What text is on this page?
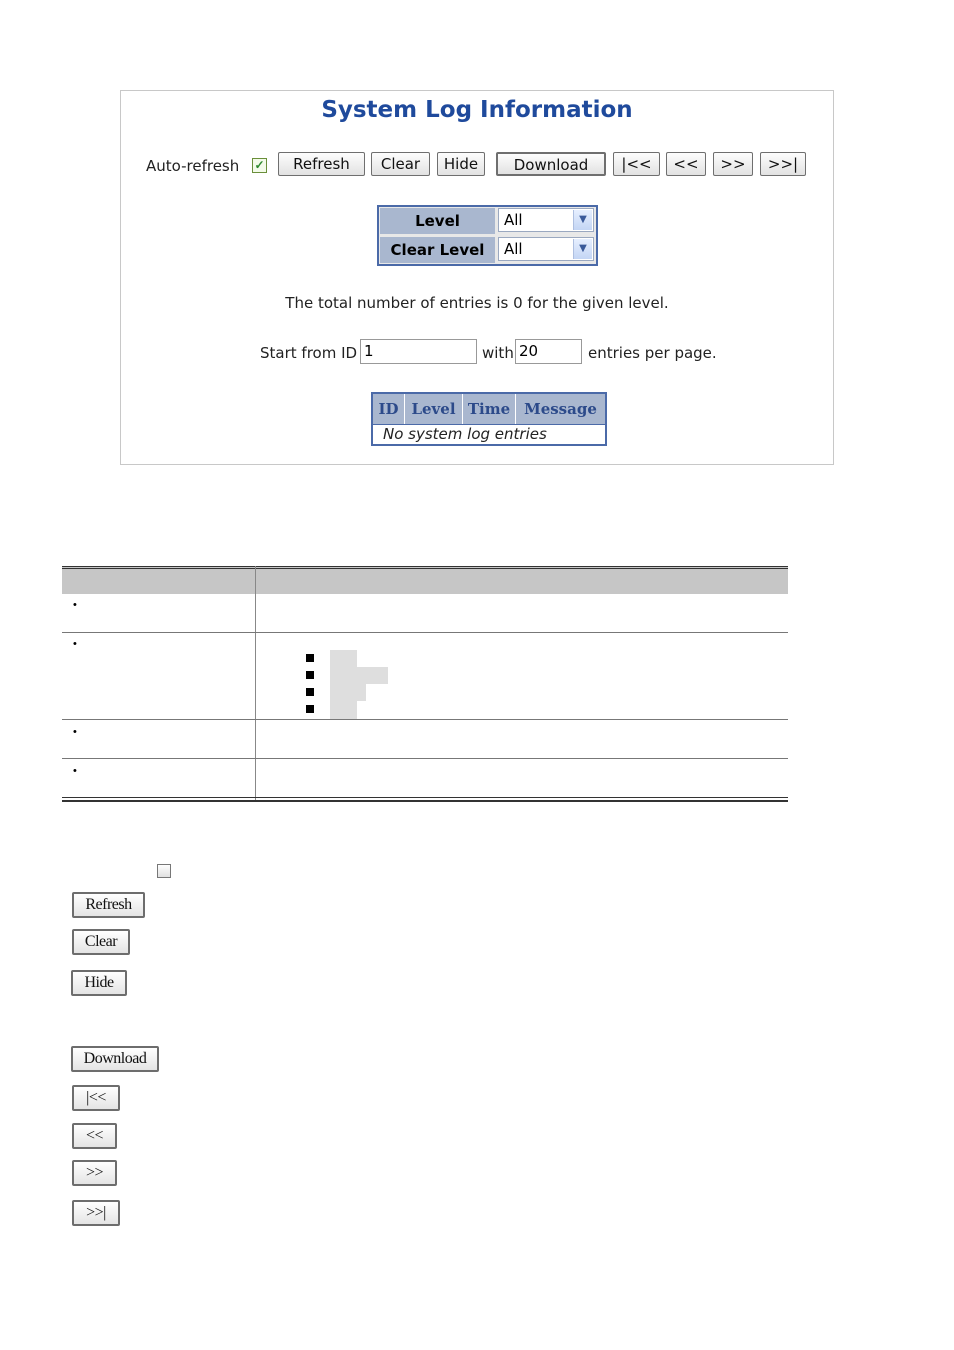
System Log Information
Auto-refresh ✓	Refresh	Clear	Hide	Download	|<<	<<	>>	>>|
Level	All	▼
Clear Level	All	▼
The total number of entries is 0 for the given level.
Start from ID 1	with 20	entries per page.
ID Level Time Message
No system log entries
•
•
•
•
Refresh
Clear
Hide
Download
|<<
<<
>>
>>|
